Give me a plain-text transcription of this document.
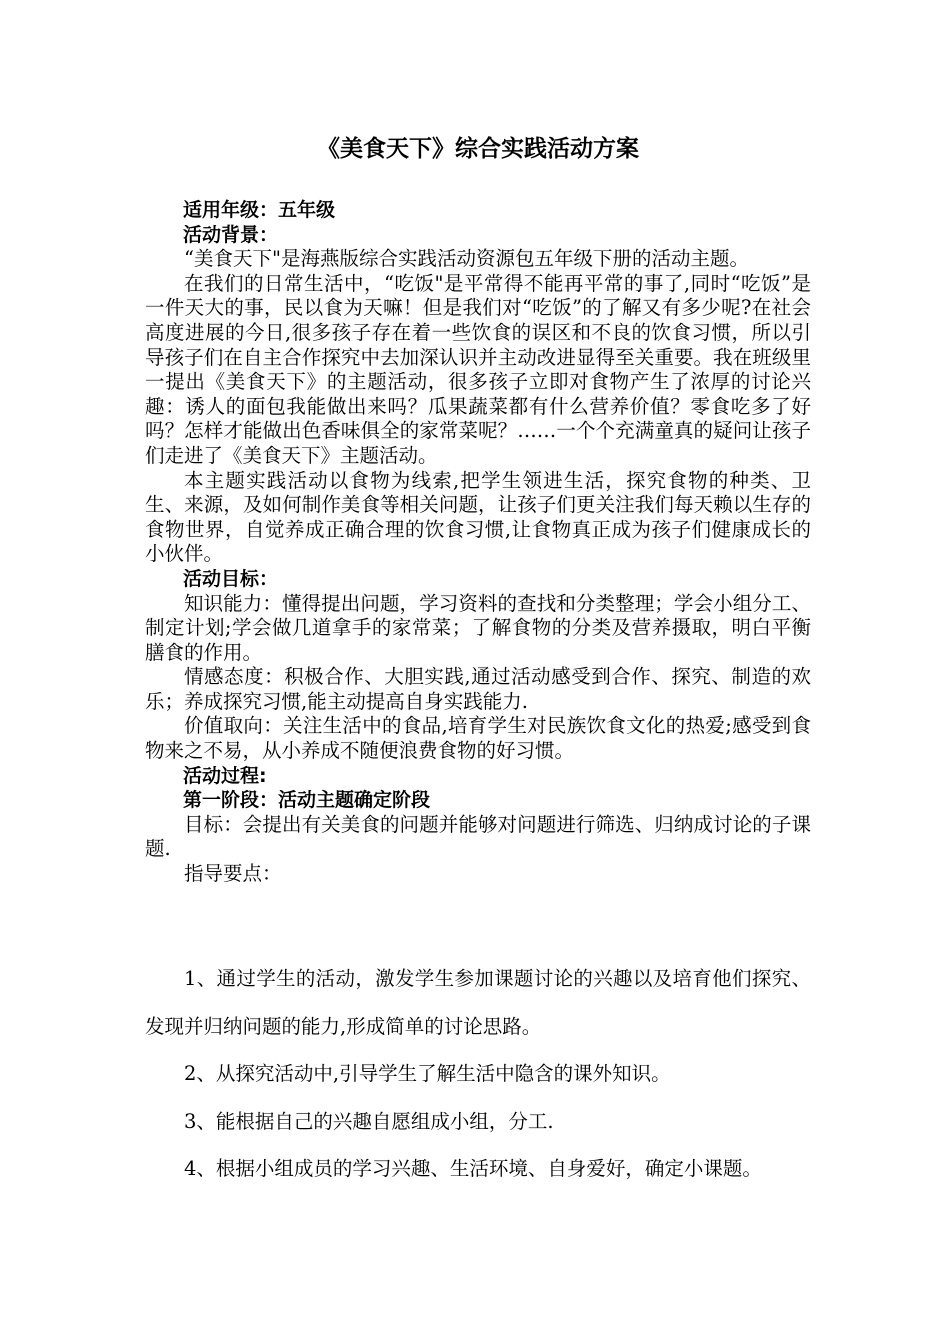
《美食天下》综合实践活动方案

适用年级：五年级

活动背景：

“美食天下"是海燕版综合实践活动资源包五年级下册的活动主题。

在我们的日常生活中，“吃饭"是平常得不能再平常的事了,同时“吃饭”是一件天大的事，民以食为天嘛！但是我们对“吃饭”的了解又有多少呢?在社会高度进展的今日,很多孩子存在着一些饮食的误区和不良的饮食习惯，所以引导孩子们在自主合作探究中去加深认识并主动改进显得至关重要。我在班级里一提出《美食天下》的主题活动，很多孩子立即对食物产生了浓厚的讨论兴趣：诱人的面包我能做出来吗？瓜果蔬菜都有什么营养价值？零食吃多了好吗？怎样才能做出色香味俱全的家常菜呢？……一个个充满童真的疑问让孩子们走进了《美食天下》主题活动。

本主题实践活动以食物为线索,把学生领进生活，探究食物的种类、卫生、来源，及如何制作美食等相关问题，让孩子们更关注我们每天赖以生存的食物世界，自觉养成正确合理的饮食习惯,让食物真正成为孩子们健康成长的小伙伴。

活动目标：

知识能力：懂得提出问题，学习资料的查找和分类整理；学会小组分工、制定计划;学会做几道拿手的家常菜；了解食物的分类及营养摄取，明白平衡膳食的作用。

情感态度：积极合作、大胆实践,通过活动感受到合作、探究、制造的欢乐；养成探究习惯,能主动提高自身实践能力.

价值取向：关注生活中的食品,培育学生对民族饮食文化的热爱;感受到食物来之不易，从小养成不随便浪费食物的好习惯。

活动过程:

第一阶段：活动主题确定阶段

目标：会提出有关美食的问题并能够对问题进行筛选、归纳成讨论的子课题.

指导要点：

1、通过学生的活动，激发学生参加课题讨论的兴趣以及培育他们探究、发现并归纳问题的能力,形成简单的讨论思路。

2、从探究活动中,引导学生了解生活中隐含的课外知识。

3、能根据自己的兴趣自愿组成小组，分工.

4、根据小组成员的学习兴趣、生活环境、自身爱好，确定小课题。
